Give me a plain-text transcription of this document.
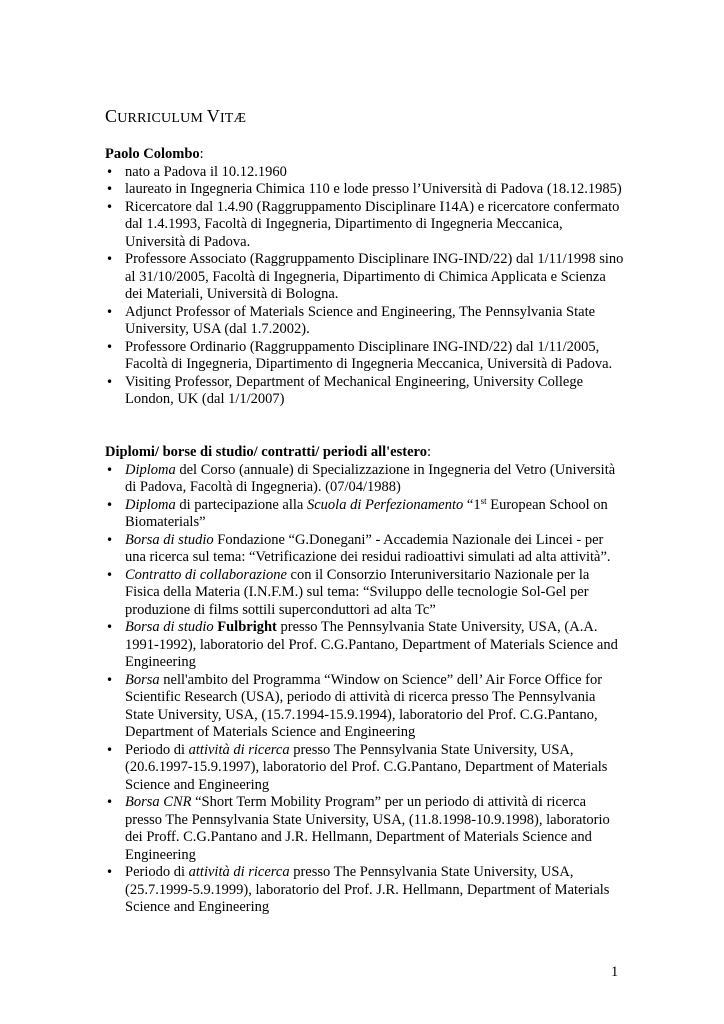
CURRICULUM VITÆ
Paolo Colombo:
• nato a Padova il 10.12.1960
• laureato in Ingegneria Chimica 110 e lode presso l’Università di Padova (18.12.1985)
• Ricercatore dal 1.4.90 (Raggruppamento Disciplinare I14A) e ricercatore confermato dal 1.4.1993, Facoltà di Ingegneria, Dipartimento di Ingegneria Meccanica, Università di Padova.
• Professore Associato (Raggruppamento Disciplinare ING-IND/22) dal 1/11/1998 sino al 31/10/2005, Facoltà di Ingegneria, Dipartimento di Chimica Applicata e Scienza dei Materiali, Università di Bologna.
• Adjunct Professor of Materials Science and Engineering, The Pennsylvania State University, USA (dal 1.7.2002).
• Professore Ordinario (Raggruppamento Disciplinare ING-IND/22) dal 1/11/2005, Facoltà di Ingegneria, Dipartimento di Ingegneria Meccanica, Università di Padova.
• Visiting Professor, Department of Mechanical Engineering, University College London, UK (dal 1/1/2007)
Diplomi/ borse di studio/ contratti/ periodi all'estero:
• Diploma del Corso (annuale) di Specializzazione in Ingegneria del Vetro (Università di Padova, Facoltà di Ingegneria). (07/04/1988)
• Diploma di partecipazione alla Scuola di Perfezionamento “1st European School on Biomaterials”
• Borsa di studio Fondazione “G.Donegani” - Accademia Nazionale dei Lincei - per una ricerca sul tema: “Vetrificazione dei residui radioattivi simulati ad alta attività”.
• Contratto di collaborazione con il Consorzio Interuniversitario Nazionale per la Fisica della Materia (I.N.F.M.) sul tema: “Sviluppo delle tecnologie Sol-Gel per produzione di films sottili superconduttori ad alta Tc”
• Borsa di studio Fulbright presso The Pennsylvania State University, USA, (A.A. 1991-1992), laboratorio del Prof. C.G.Pantano, Department of Materials Science and Engineering
• Borsa nell'ambito del Programma “Window on Science” dell’ Air Force Office for Scientific Research (USA), periodo di attività di ricerca presso The Pennsylvania State University, USA, (15.7.1994-15.9.1994), laboratorio del Prof. C.G.Pantano, Department of Materials Science and Engineering
• Periodo di attività di ricerca presso The Pennsylvania State University, USA, (20.6.1997-15.9.1997), laboratorio del Prof. C.G.Pantano, Department of Materials Science and Engineering
• Borsa CNR “Short Term Mobility Program” per un periodo di attività di ricerca presso The Pennsylvania State University, USA, (11.8.1998-10.9.1998), laboratorio dei Proff. C.G.Pantano and J.R. Hellmann, Department of Materials Science and Engineering
• Periodo di attività di ricerca presso The Pennsylvania State University, USA, (25.7.1999-5.9.1999), laboratorio del Prof. J.R. Hellmann, Department of Materials Science and Engineering
1
